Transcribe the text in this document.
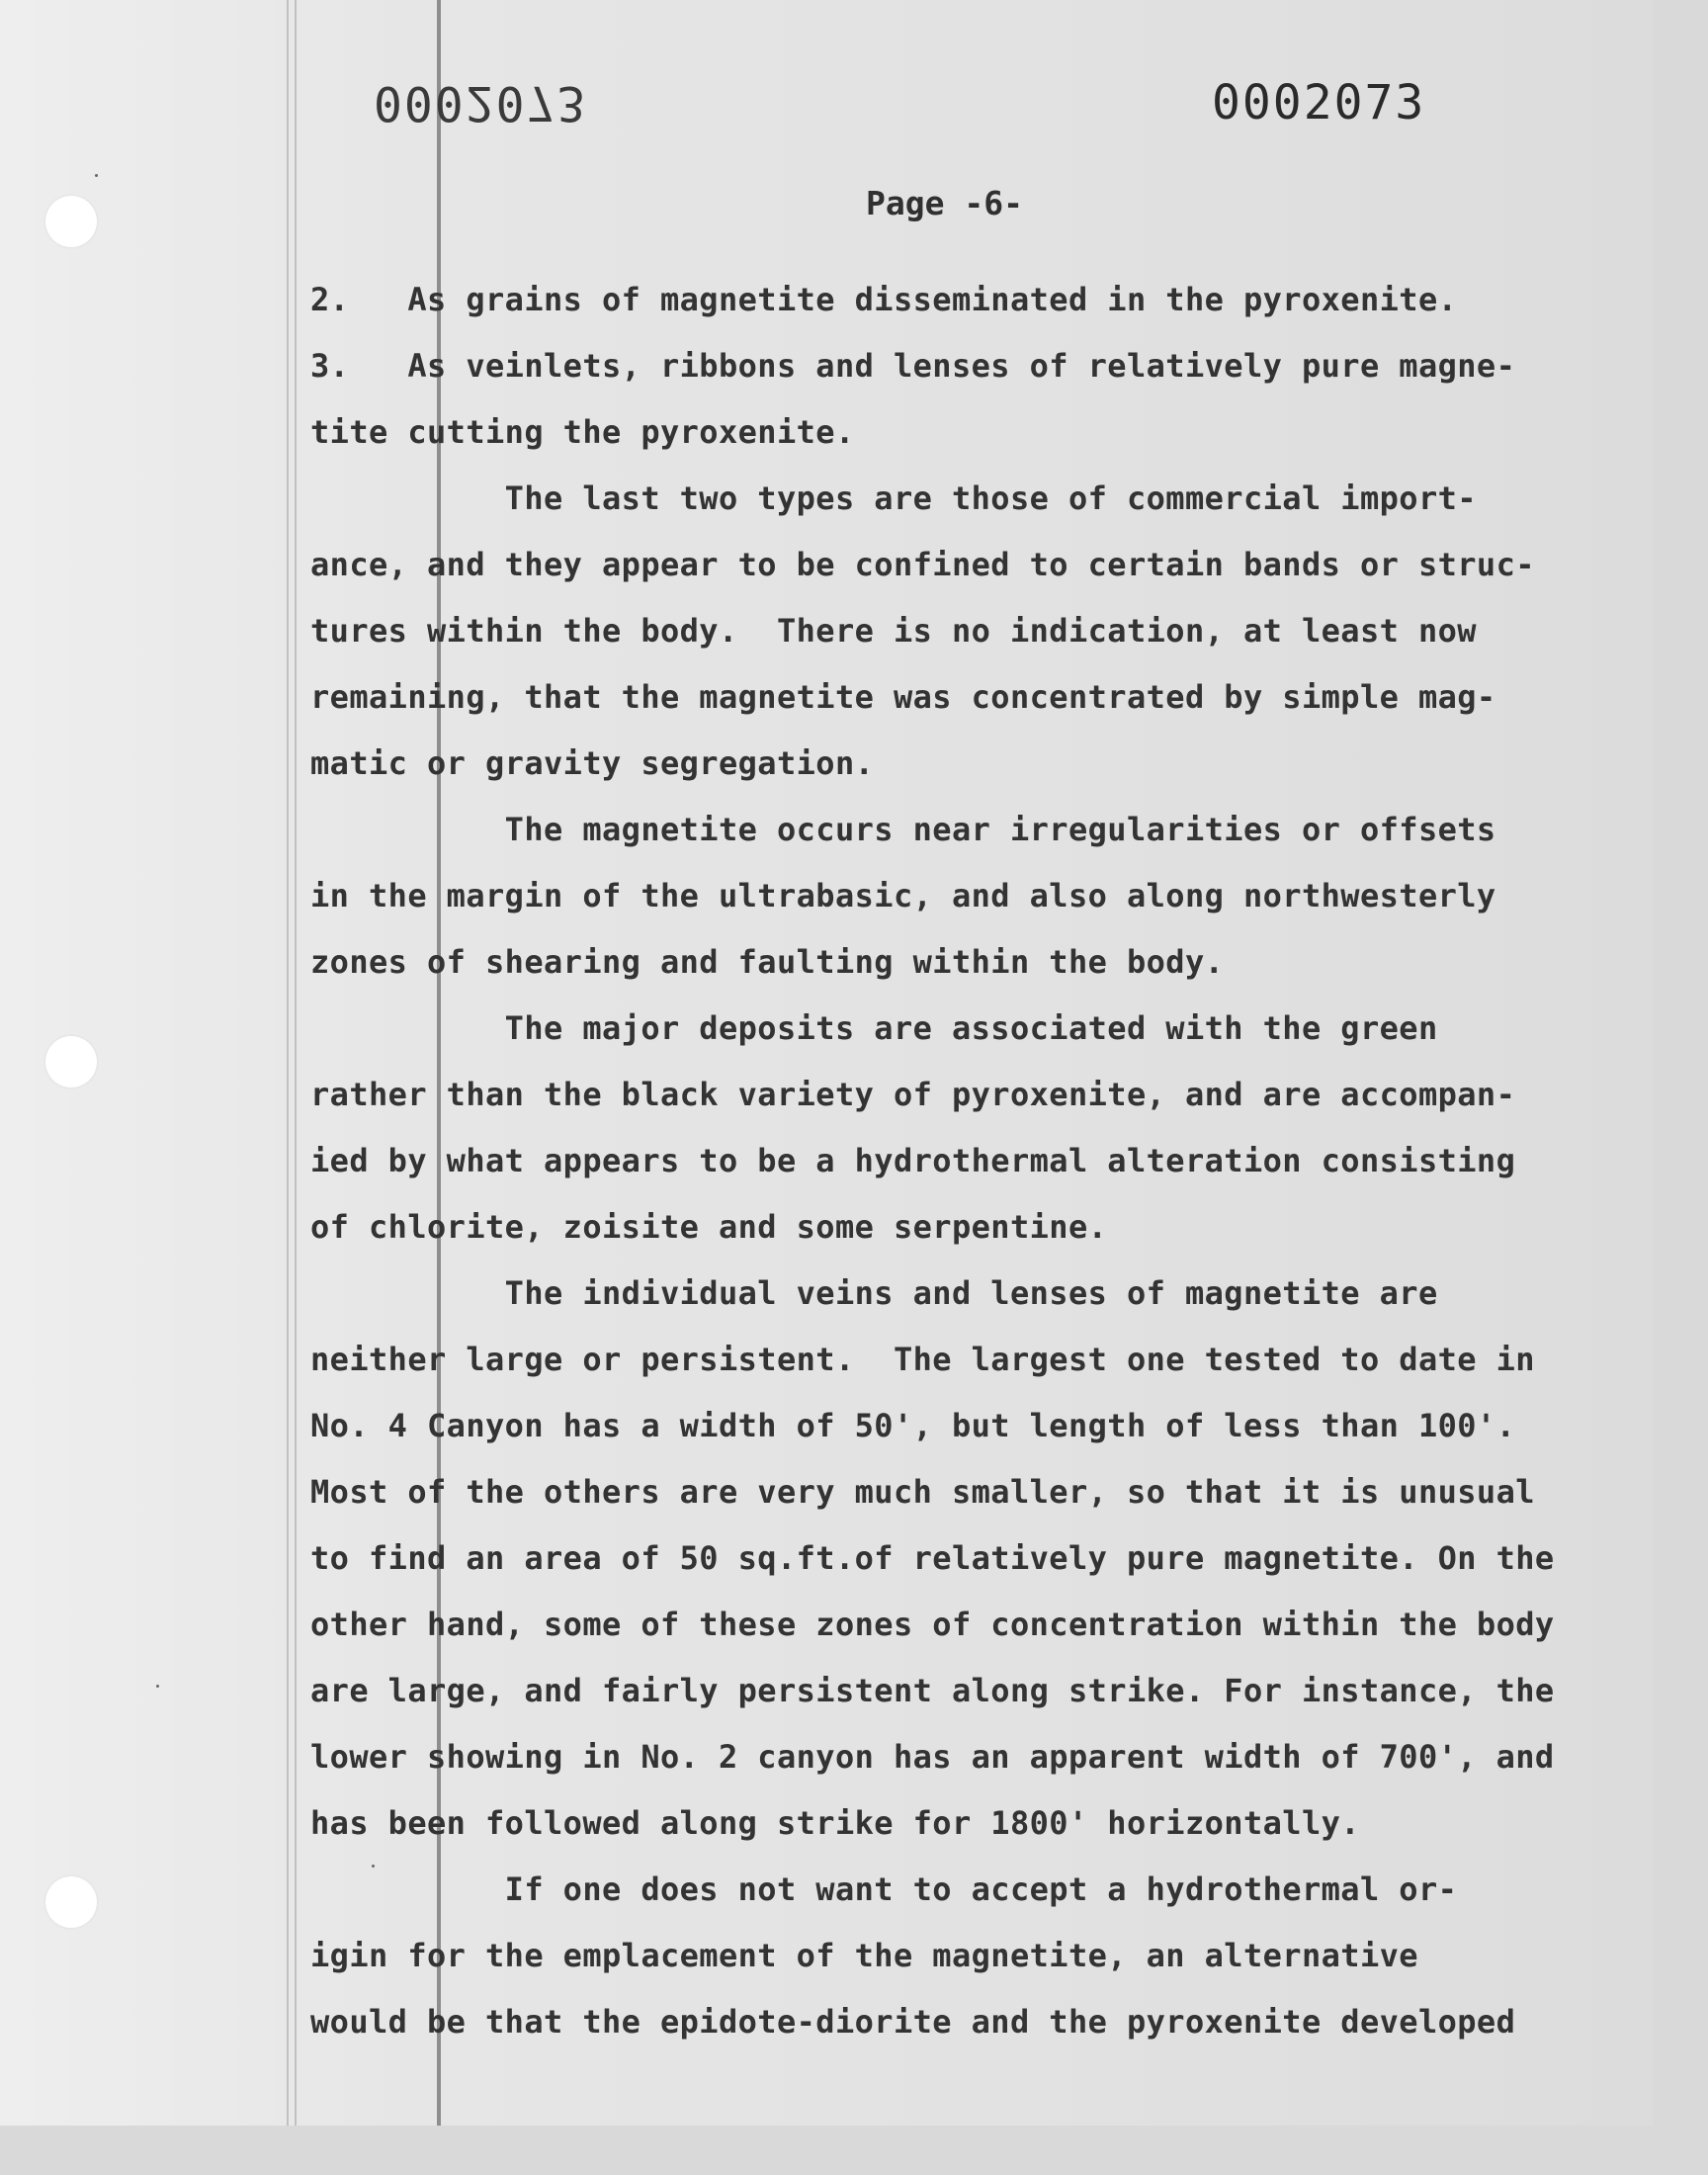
0002073	0002073
Page -6-

2.   As grains of magnetite disseminated in the pyroxenite.

3.   As veinlets, ribbons and lenses of relatively pure magne-

tite cutting the pyroxenite.

The last two types are those of commercial import-

ance, and they appear to be confined to certain bands or struc-

tures within the body.  There is no indication, at least now

remaining, that the magnetite was concentrated by simple mag-

matic or gravity segregation.

The magnetite occurs near irregularities or offsets

in the margin of the ultrabasic, and also along northwesterly

zones of shearing and faulting within the body.

The major deposits are associated with the green

rather than the black variety of pyroxenite, and are accompan-

ied by what appears to be a hydrothermal alteration consisting

of chlorite, zoisite and some serpentine.

The individual veins and lenses of magnetite are

neither large or persistent.  The largest one tested to date in

No. 4 Canyon has a width of 50', but length of less than 100'.

Most of the others are very much smaller, so that it is unusual

to find an area of 50 sq.ft.of relatively pure magnetite. On the

other hand, some of these zones of concentration within the body

are large, and fairly persistent along strike. For instance, the

lower showing in No. 2 canyon has an apparent width of 700', and

has been followed along strike for 1800' horizontally.

If one does not want to accept a hydrothermal or-

igin for the emplacement of the magnetite, an alternative

would be that the epidote-diorite and the pyroxenite developed
